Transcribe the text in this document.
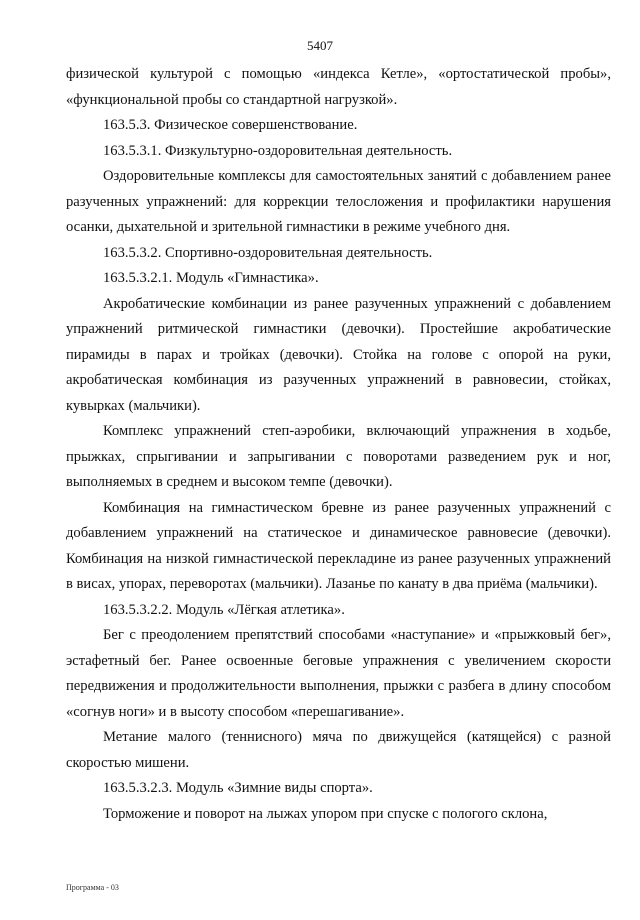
5407

физической культурой с помощью «индекса Кетле», «ортостатической пробы», «функциональной пробы со стандартной нагрузкой».

163.5.3. Физическое совершенствование.

163.5.3.1. Физкультурно-оздоровительная деятельность.

Оздоровительные комплексы для самостоятельных занятий с добавлением ранее разученных упражнений: для коррекции телосложения и профилактики нарушения осанки, дыхательной и зрительной гимнастики в режиме учебного дня.

163.5.3.2. Спортивно-оздоровительная деятельность.

163.5.3.2.1. Модуль «Гимнастика».

Акробатические комбинации из ранее разученных упражнений с добавлением упражнений ритмической гимнастики (девочки). Простейшие акробатические пирамиды в парах и тройках (девочки). Стойка на голове с опорой на руки, акробатическая комбинация из разученных упражнений в равновесии, стойках, кувырках (мальчики).

Комплекс упражнений степ-аэробики, включающий упражнения в ходьбе, прыжках, спрыгивании и запрыгивании с поворотами разведением рук и ног, выполняемых в среднем и высоком темпе (девочки).

Комбинация на гимнастическом бревне из ранее разученных упражнений с добавлением упражнений на статическое и динамическое равновесие (девочки). Комбинация на низкой гимнастической перекладине из ранее разученных упражнений в висах, упорах, переворотах (мальчики). Лазанье по канату в два приёма (мальчики).

163.5.3.2.2. Модуль «Лёгкая атлетика».

Бег с преодолением препятствий способами «наступание» и «прыжковый бег», эстафетный бег. Ранее освоенные беговые упражнения с увеличением скорости передвижения и продолжительности выполнения, прыжки с разбега в длину способом «согнув ноги» и в высоту способом «перешагивание».

Метание малого (теннисного) мяча по движущейся (катящейся) с разной скоростью мишени.

163.5.3.2.3. Модуль «Зимние виды спорта».

Торможение и поворот на лыжах упором при спуске с пологого склона,

Программа - 03
